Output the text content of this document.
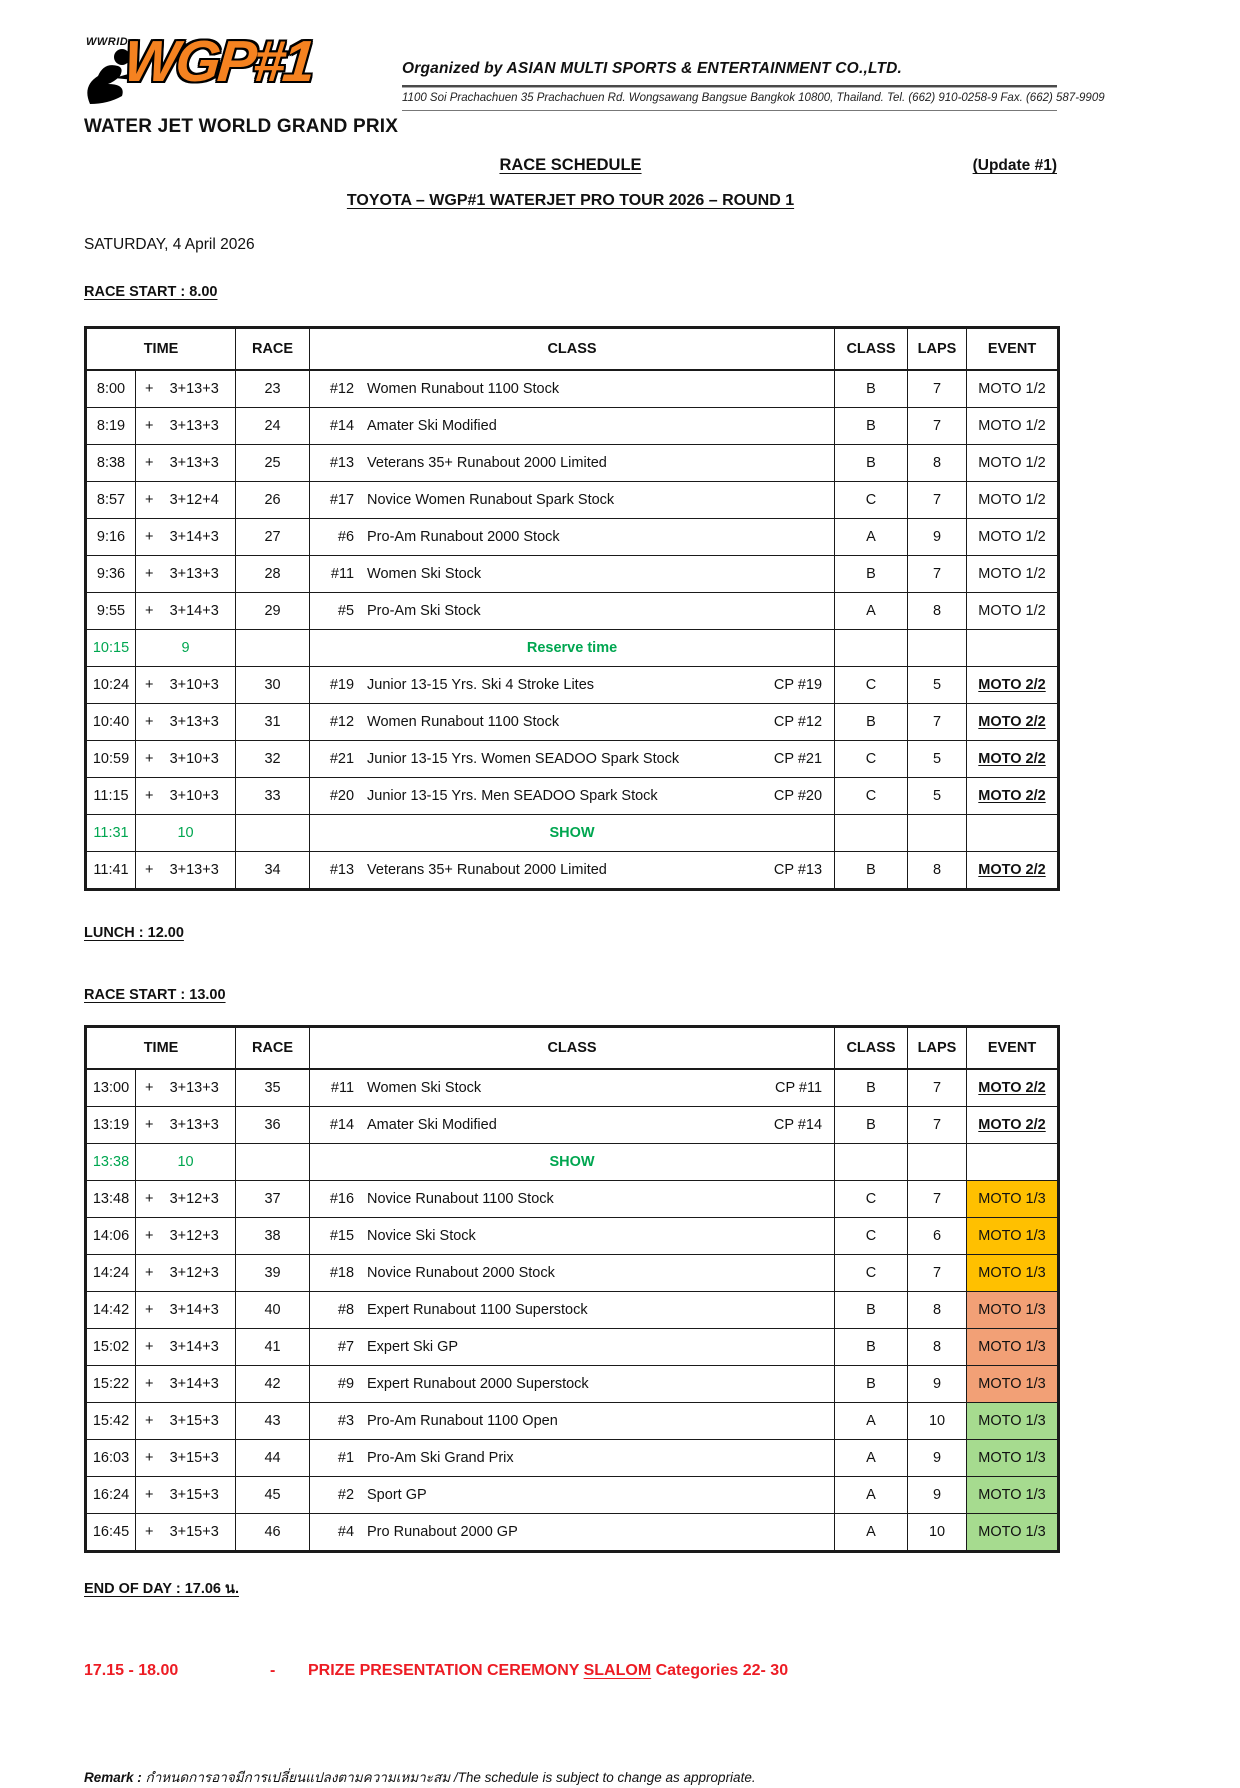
WWRID
WGP#1
WATER JET WORLD GRAND PRIX
Organized by ASIAN MULTI SPORTS & ENTERTAINMENT CO.,LTD.
1100 Soi Prachachuen 35 Prachachuen Rd. Wongsawang Bangsue Bangkok 10800, Thailand. Tel. (662) 910-0258-9 Fax. (662) 587-9909
RACE SCHEDULE	(Update #1)
TOYOTA – WGP#1 WATERJET PRO TOUR 2026 – ROUND 1
SATURDAY, 4 April 2026
RACE START : 8.00
TIME		RACE	CLASS	CLASS	LAPS	EVENT
8:00	+    3+13+3	23	#12 Women Runabout 1100 Stock	B	7	MOTO 1/2
8:19	+    3+13+3	24	#14 Amater Ski Modified	B	7	MOTO 1/2
8:38	+    3+13+3	25	#13 Veterans 35+ Runabout 2000 Limited	B	8	MOTO 1/2
8:57	+    3+12+4	26	#17 Novice Women Runabout Spark Stock	C	7	MOTO 1/2
9:16	+    3+14+3	27	#6 Pro-Am Runabout 2000 Stock	A	9	MOTO 1/2
9:36	+    3+13+3	28	#11 Women Ski Stock	B	7	MOTO 1/2
9:55	+    3+14+3	29	#5 Pro-Am Ski Stock	A	8	MOTO 1/2
10:15	9		Reserve time			
10:24	+    3+10+3	30	#19 Junior 13-15 Yrs. Ski 4 Stroke Lites CP #19	C	5	MOTO 2/2
10:40	+    3+13+3	31	#12 Women Runabout 1100 Stock CP #12	B	7	MOTO 2/2
10:59	+    3+10+3	32	#21 Junior 13-15 Yrs. Women SEADOO Spark Stock CP #21	C	5	MOTO 2/2
11:15	+    3+10+3	33	#20 Junior 13-15 Yrs. Men SEADOO Spark Stock CP #20	C	5	MOTO 2/2
11:31	10		SHOW			
11:41	+    3+13+3	34	#13 Veterans 35+ Runabout 2000 Limited CP #13	B	8	MOTO 2/2
LUNCH : 12.00
RACE START : 13.00
TIME		RACE	CLASS	CLASS	LAPS	EVENT
13:00	+    3+13+3	35	#11 Women Ski Stock CP #11	B	7	MOTO 2/2
13:19	+    3+13+3	36	#14 Amater Ski Modified CP #14	B	7	MOTO 2/2
13:38	10		SHOW			
13:48	+    3+12+3	37	#16 Novice Runabout 1100 Stock	C	7	MOTO 1/3
14:06	+    3+12+3	38	#15 Novice Ski Stock	C	6	MOTO 1/3
14:24	+    3+12+3	39	#18 Novice Runabout 2000 Stock	C	7	MOTO 1/3
14:42	+    3+14+3	40	#8 Expert Runabout 1100 Superstock	B	8	MOTO 1/3
15:02	+    3+14+3	41	#7 Expert Ski GP	B	8	MOTO 1/3
15:22	+    3+14+3	42	#9 Expert Runabout 2000 Superstock	B	9	MOTO 1/3
15:42	+    3+15+3	43	#3 Pro-Am Runabout 1100 Open	A	10	MOTO 1/3
16:03	+    3+15+3	44	#1 Pro-Am Ski Grand Prix	A	9	MOTO 1/3
16:24	+    3+15+3	45	#2 Sport GP	A	9	MOTO 1/3
16:45	+    3+15+3	46	#4 Pro Runabout 2000 GP	A	10	MOTO 1/3
END OF DAY : 17.06 น.
17.15 - 18.00	-	PRIZE PRESENTATION CEREMONY SLALOM Categories 22- 30
Remark : กำหนดการอาจมีการเปลี่ยนแปลงตามความเหมาะสม /The schedule is subject to change as appropriate.
